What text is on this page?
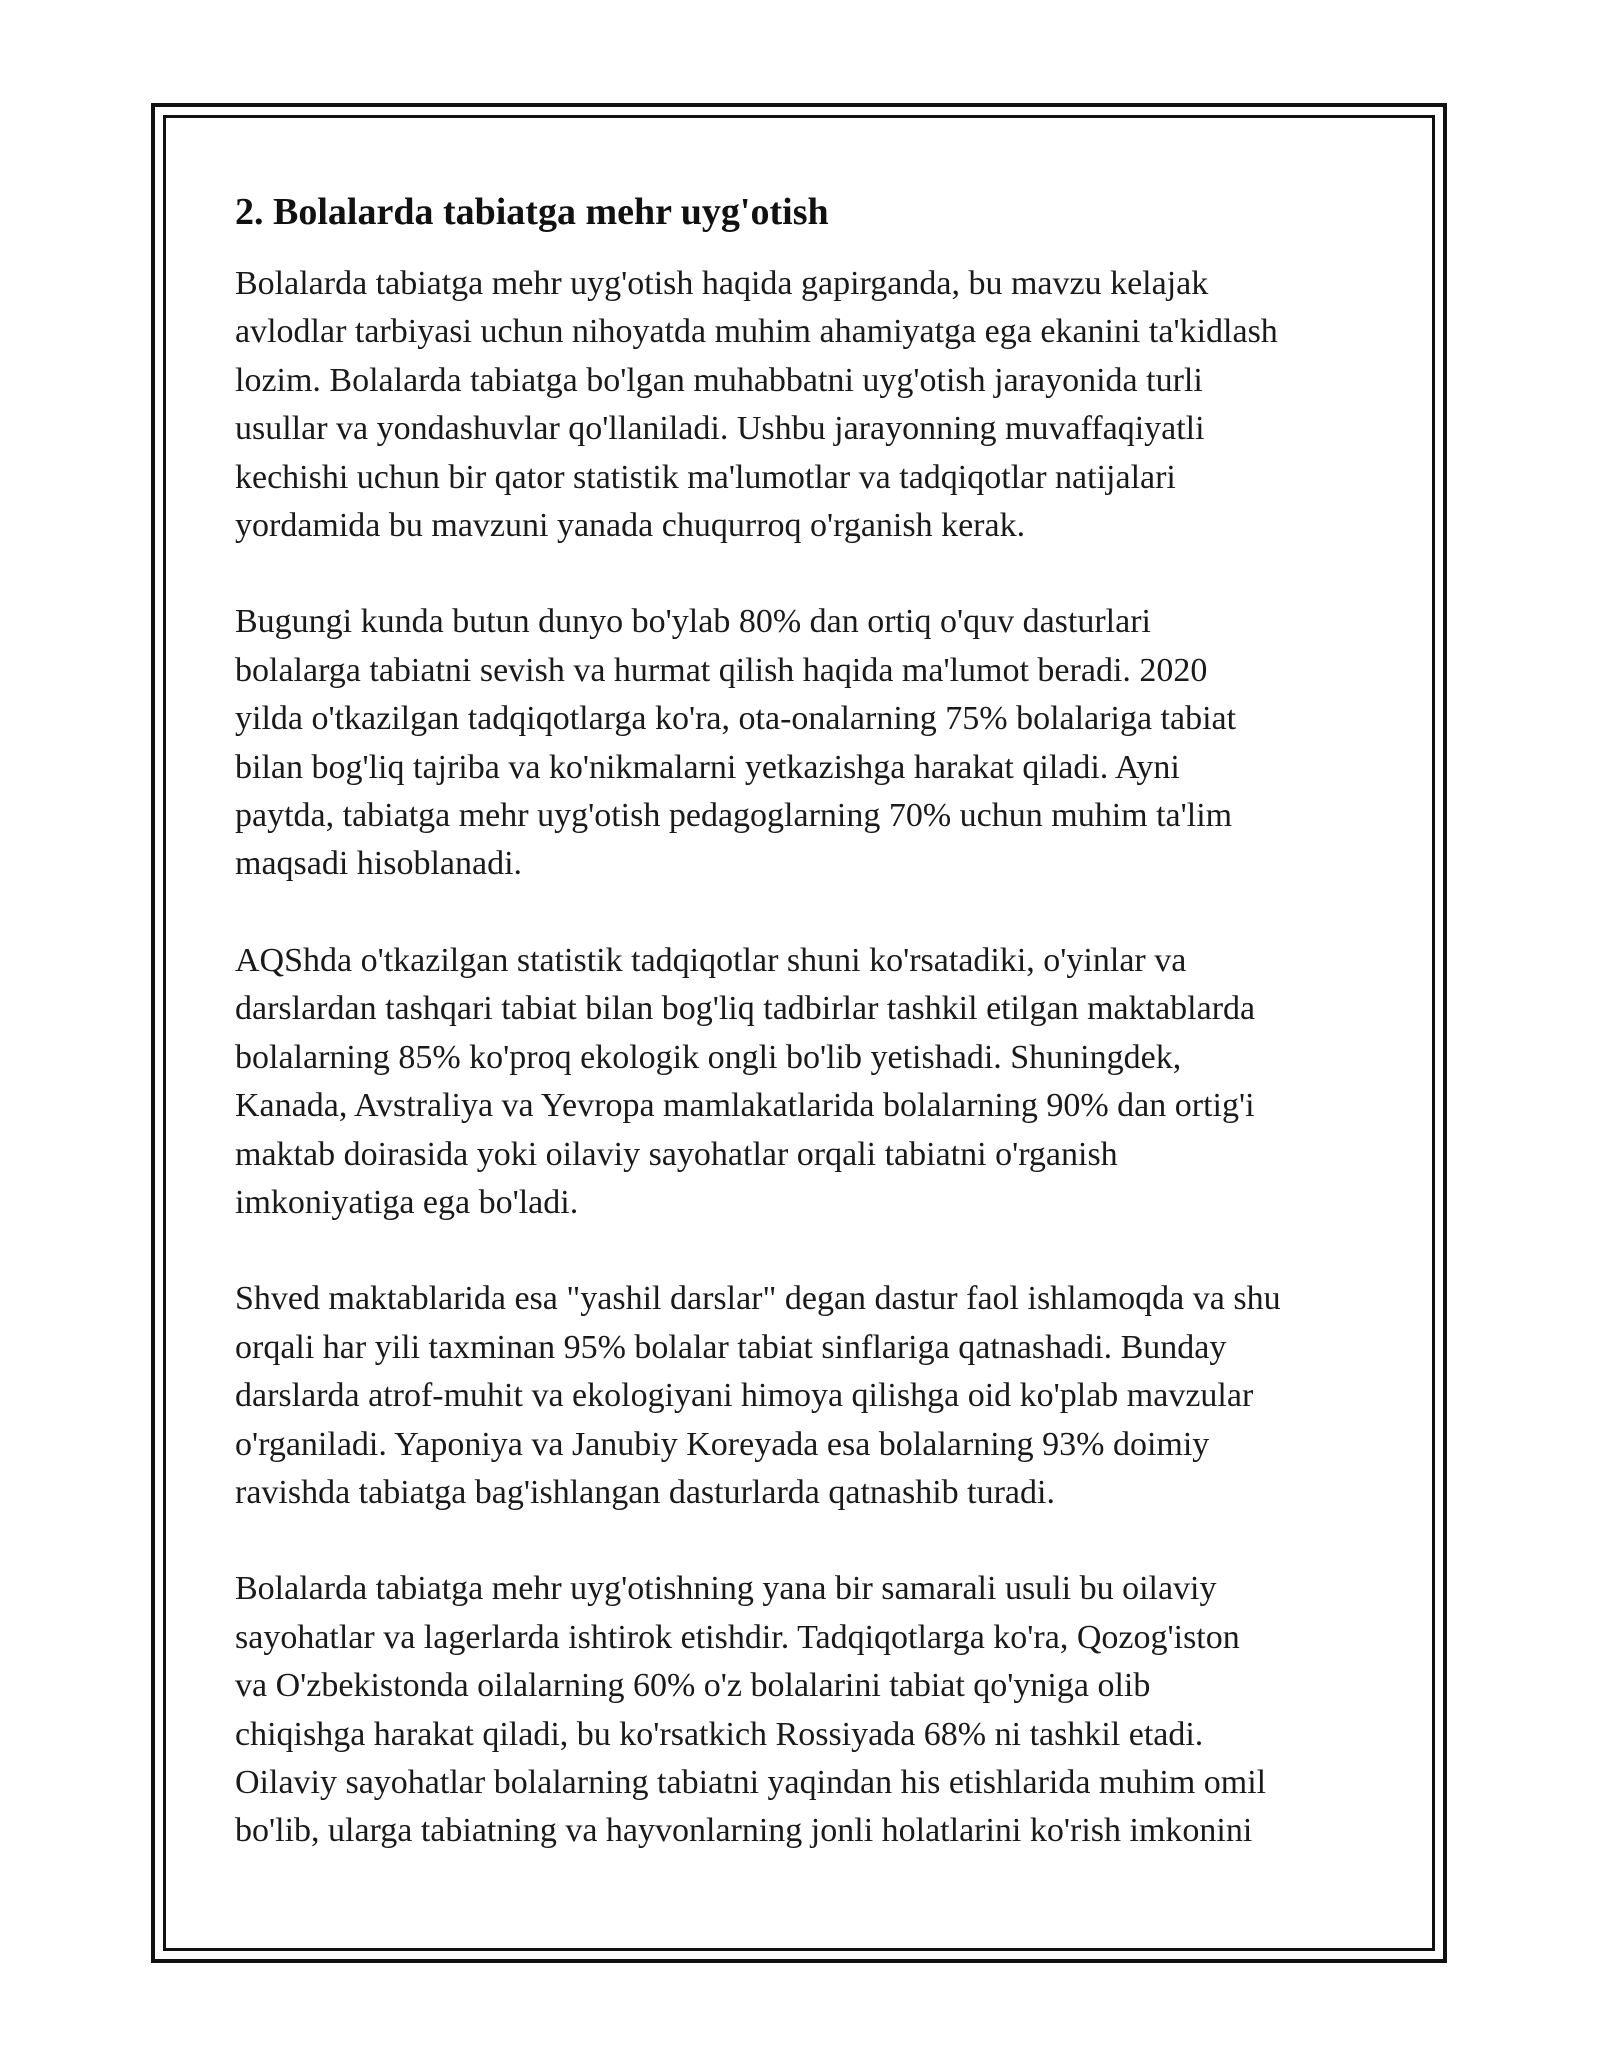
2. Bolalarda tabiatga mehr uyg'otish

Bolalarda tabiatga mehr uyg'otish haqida gapirganda, bu mavzu kelajak
avlodlar tarbiyasi uchun nihoyatda muhim ahamiyatga ega ekanini ta'kidlash
lozim. Bolalarda tabiatga bo'lgan muhabbatni uyg'otish jarayonida turli
usullar va yondashuvlar qo'llaniladi. Ushbu jarayonning muvaffaqiyatli
kechishi uchun bir qator statistik ma'lumotlar va tadqiqotlar natijalari
yordamida bu mavzuni yanada chuqurroq o'rganish kerak.

Bugungi kunda butun dunyo bo'ylab 80% dan ortiq o'quv dasturlari
bolalarga tabiatni sevish va hurmat qilish haqida ma'lumot beradi. 2020
yilda o'tkazilgan tadqiqotlarga ko'ra, ota-onalarning 75% bolalariga tabiat
bilan bog'liq tajriba va ko'nikmalarni yetkazishga harakat qiladi. Ayni
paytda, tabiatga mehr uyg'otish pedagoglarning 70% uchun muhim ta'lim
maqsadi hisoblanadi.

AQShda o'tkazilgan statistik tadqiqotlar shuni ko'rsatadiki, o'yinlar va
darslardan tashqari tabiat bilan bog'liq tadbirlar tashkil etilgan maktablarda
bolalarning 85% ko'proq ekologik ongli bo'lib yetishadi. Shuningdek,
Kanada, Avstraliya va Yevropa mamlakatlarida bolalarning 90% dan ortig'i
maktab doirasida yoki oilaviy sayohatlar orqali tabiatni o'rganish
imkoniyatiga ega bo'ladi.

Shved maktablarida esa "yashil darslar" degan dastur faol ishlamoqda va shu
orqali har yili taxminan 95% bolalar tabiat sinflariga qatnashadi. Bunday
darslarda atrof-muhit va ekologiyani himoya qilishga oid ko'plab mavzular
o'rganiladi. Yaponiya va Janubiy Koreyada esa bolalarning 93% doimiy
ravishda tabiatga bag'ishlangan dasturlarda qatnashib turadi.

Bolalarda tabiatga mehr uyg'otishning yana bir samarali usuli bu oilaviy
sayohatlar va lagerlarda ishtirok etishdir. Tadqiqotlarga ko'ra, Qozog'iston
va O'zbekistonda oilalarning 60% o'z bolalarini tabiat qo'yniga olib
chiqishga harakat qiladi, bu ko'rsatkich Rossiyada 68% ni tashkil etadi.
Oilaviy sayohatlar bolalarning tabiatni yaqindan his etishlarida muhim omil
bo'lib, ularga tabiatning va hayvonlarning jonli holatlarini ko'rish imkonini
